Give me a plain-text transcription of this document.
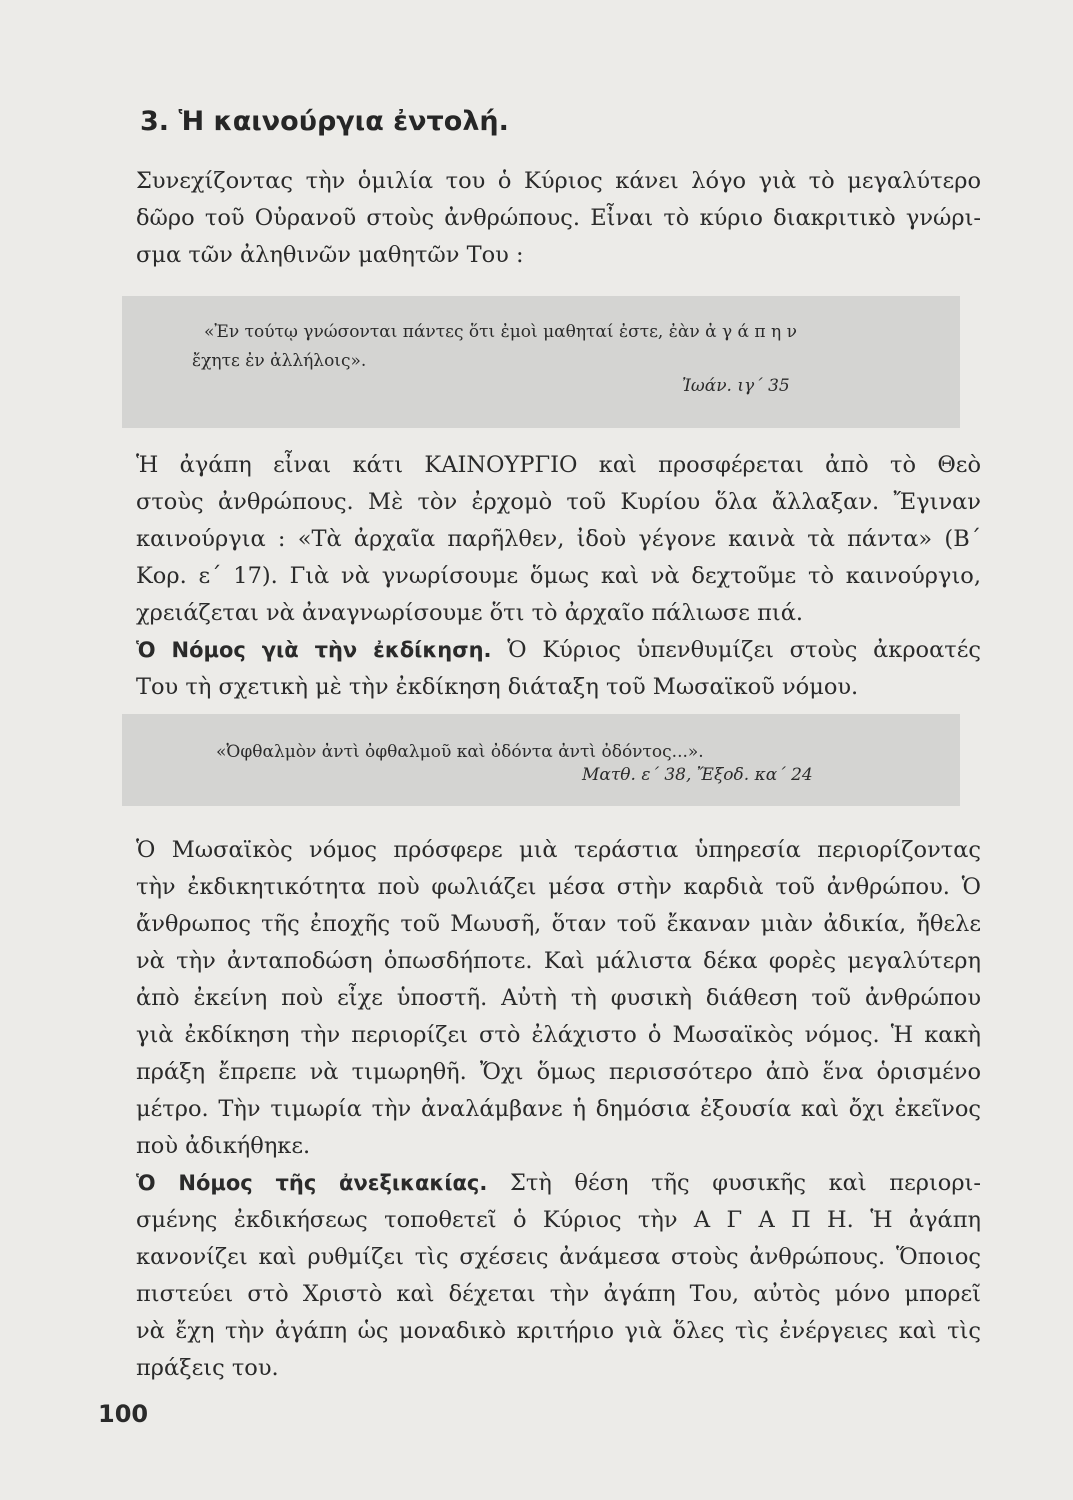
3. Ἡ καινούργια ἐντολή.

Συνεχίζοντας τὴν ὁμιλία του ὁ Κύριος κάνει λόγο γιὰ τὸ μεγαλύτερο
δῶρο τοῦ Οὐρανοῦ στοὺς ἀνθρώπους. Εἶναι τὸ κύριο διακριτικὸ γνώρι-
σμα τῶν ἀληθινῶν μαθητῶν Του :

«Ἐν τούτῳ γνώσονται πάντες ὅτι ἐμοὶ μαθηταί ἐστε, ἐὰν ἀ γ ά π η ν

ἔχητε ἐν ἀλλήλοις».

Ἰωάν. ιγ΄ 35

Ἡ ἀγάπη εἶναι κάτι ΚΑΙΝΟΥΡΓΙΟ καὶ προσφέρεται ἀπὸ τὸ Θεὸ
στοὺς ἀνθρώπους. Μὲ τὸν ἐρχομὸ τοῦ Κυρίου ὅλα ἄλλαξαν. Ἔγιναν
καινούργια : «Τὰ ἀρχαῖα παρῆλθεν, ἰδοὺ γέγονε καινὰ τὰ πάντα» (Β΄
Κορ. ε΄ 17). Γιὰ νὰ γνωρίσουμε ὅμως καὶ νὰ δεχτοῦμε τὸ καινούργιο,
χρειάζεται νὰ ἀναγνωρίσουμε ὅτι τὸ ἀρχαῖο πάλιωσε πιά.
Ὁ Νόμος γιὰ τὴν ἐκδίκηση. Ὁ Κύριος ὑπενθυμίζει στοὺς ἀκροατές
Του τὴ σχετικὴ μὲ τὴν ἐκδίκηση διάταξη τοῦ Μωσαϊκοῦ νόμου.

«Ὀφθαλμὸν ἀντὶ ὀφθαλμοῦ καὶ ὀδόντα ἀντὶ ὀδόντος...».

Ματθ. ε΄ 38, Ἔξοδ. κα΄ 24

Ὁ Μωσαϊκὸς νόμος πρόσφερε μιὰ τεράστια ὑπηρεσία περιορίζοντας
τὴν ἐκδικητικότητα ποὺ φωλιάζει μέσα στὴν καρδιὰ τοῦ ἀνθρώπου. Ὁ
ἄνθρωπος τῆς ἐποχῆς τοῦ Μωυσῆ, ὅταν τοῦ ἔκαναν μιὰν ἀδικία, ἤθελε
νὰ τὴν ἀνταποδώση ὁπωσδήποτε. Καὶ μάλιστα δέκα φορὲς μεγαλύτερη
ἀπὸ ἐκείνη ποὺ εἶχε ὑποστῆ. Αὐτὴ τὴ φυσικὴ διάθεση τοῦ ἀνθρώπου
γιὰ ἐκδίκηση τὴν περιορίζει στὸ ἐλάχιστο ὁ Μωσαϊκὸς νόμος. Ἡ κακὴ
πράξη ἔπρεπε νὰ τιμωρηθῆ. Ὄχι ὅμως περισσότερο ἀπὸ ἕνα ὁρισμένο
μέτρο. Τὴν τιμωρία τὴν ἀναλάμβανε ἡ δημόσια ἐξουσία καὶ ὄχι ἐκεῖνος
ποὺ ἀδικήθηκε.
Ὁ Νόμος τῆς ἀνεξικακίας. Στὴ θέση τῆς φυσικῆς καὶ περιορι-
σμένης ἐκδικήσεως τοποθετεῖ ὁ Κύριος τὴν Α Γ Α Π Η. Ἡ ἀγάπη
κανονίζει καὶ ρυθμίζει τὶς σχέσεις ἀνάμεσα στοὺς ἀνθρώπους. Ὅποιος
πιστεύει στὸ Χριστὸ καὶ δέχεται τὴν ἀγάπη Του, αὐτὸς μόνο μπορεῖ
νὰ ἔχη τὴν ἀγάπη ὡς μοναδικὸ κριτήριο γιὰ ὅλες τὶς ἐνέργειες καὶ τὶς
πράξεις του.

100
